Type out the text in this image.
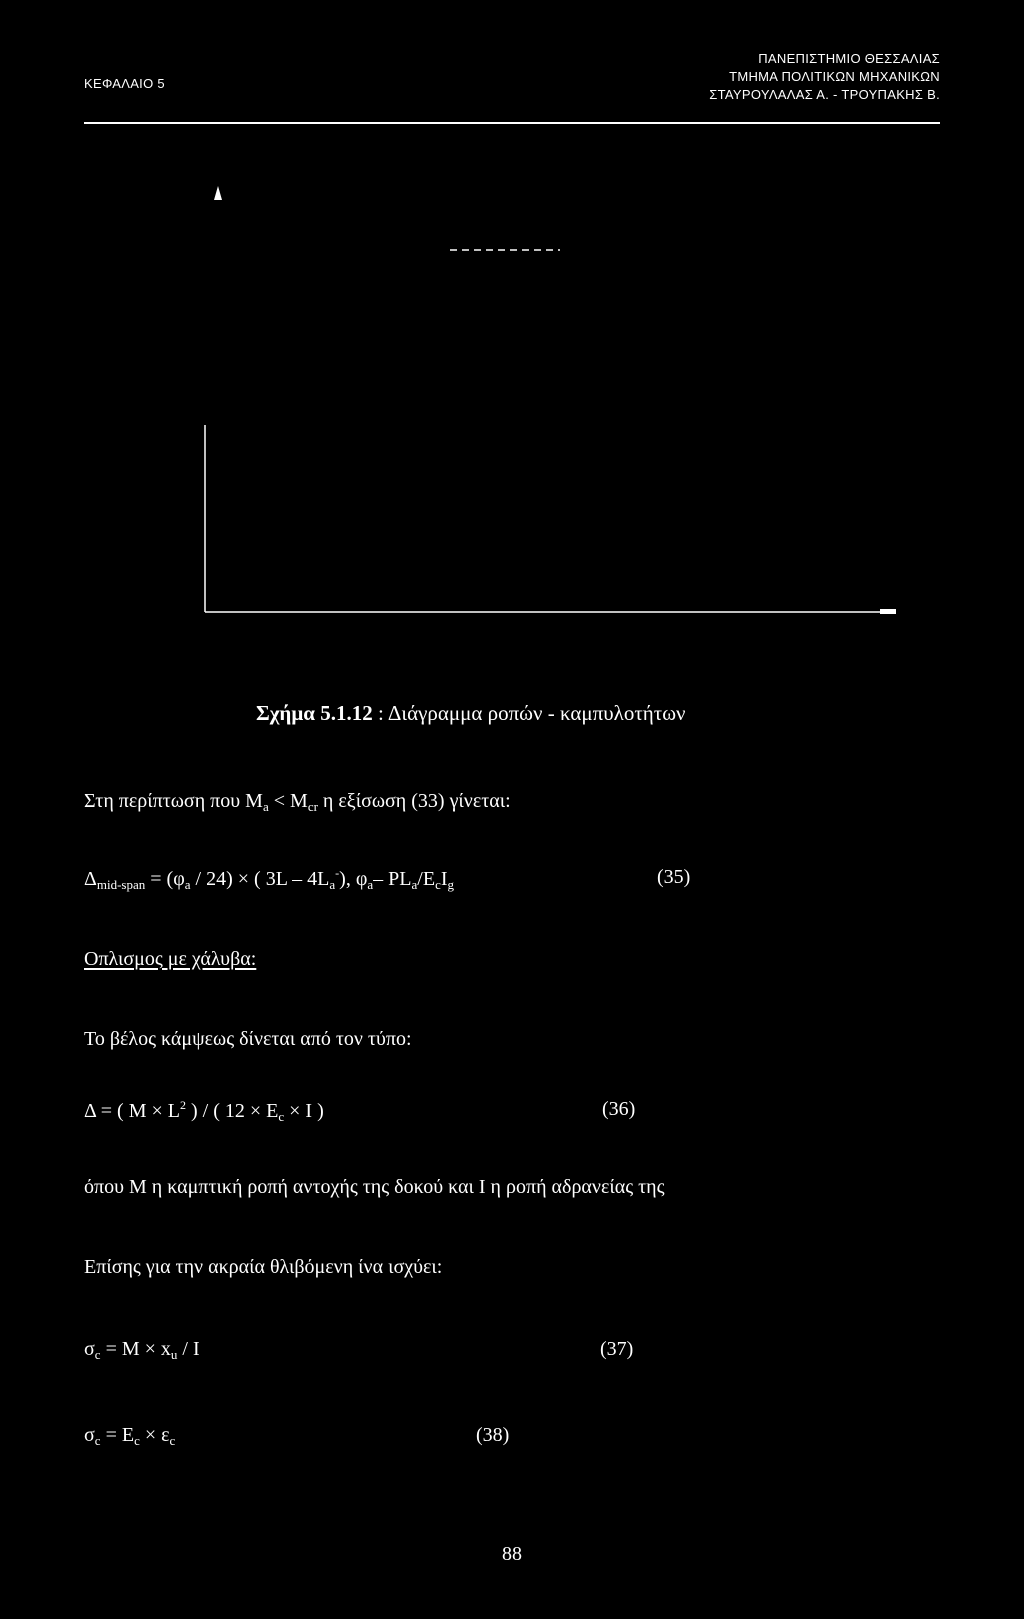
ΚΕΦΑΛΑΙΟ 5
ΠΑΝΕΠΙΣΤΗΜΙΟ ΘΕΣΣΑΛΙΑΣ
ΤΜΗΜΑ ΠΟΛΙΤΙΚΩΝ ΜΗΧΑΝΙΚΩΝ
ΣΤΑΥΡΟΥΛΑΛΑΣ Α. - ΤΡΟΥΠΑΚΗΣ Β.
Σχήμα 5.1.12 : Διάγραμμα ροπών - καμπυλοτήτων
Στη περίπτωση που $M_a < M_{cr}$ η εξίσωση (33) γίνεται:
$\Delta_{mid-span} = (\varphi_a / 24)$ × ( $3L - 4L_a^-$), $\varphi_a-$ $PL_a/E_cI_g$	(35)
Οπλισμος με χάλυβα:
Το βέλος κάμψεως δίνεται από τον τύπο:
Δ = ( $M \times L^2$ ) / ( $12 \times E_c \times I$ )	(36)
όπου M η καμπτική ροπή αντοχής της δοκού και I η ροπή αδρανείας της
Επίσης για την ακραία θλιβόμενη ίνα ισχύει:
$\sigma_c = M \times x_u / I$	(37)
$\sigma_c = E_c \times \varepsilon_c$	(38)
88
